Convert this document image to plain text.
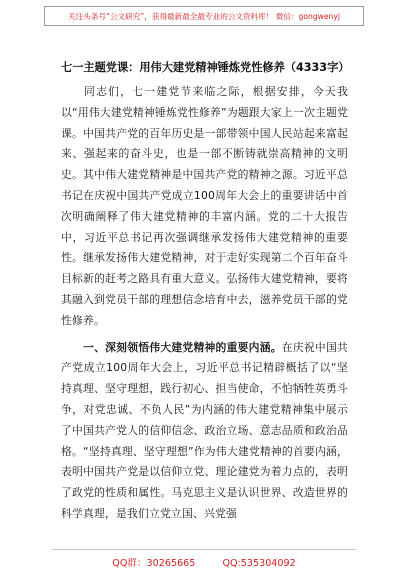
关注头条号“公文研究”，获得最新最全最专业的公文资料库！ 微信：gongwenyj
七一主题党课：用伟大建党精神锤炼党性修养（4333字）

同志们，七一建党节来临之际，根据安排，今天我以“用伟大建党精神锤炼党性修养”为题跟大家上一次主题党课。中国共产党的百年历史是一部带领中国人民站起来富起来、强起来的奋斗史，也是一部不断铸就崇高精神的文明史。其中伟大建党精神是中国共产党的精神之源。习近平总书记在庆祝中国共产党成立100周年大会上的重要讲话中首次明确阐释了伟大建党精神的丰富内涵。党的二十大报告中，习近平总书记再次强调继承发扬伟大建党精神的重要性。继承发扬伟大建党精神，对于走好实现第二个百年奋斗目标新的赶考之路具有重大意义。弘扬伟大建党精神，要将其融入到党员干部的理想信念培育中去，滋养党员干部的党性修养。

一、深刻领悟伟大建党精神的重要内涵。在庆祝中国共产党成立100周年大会上，习近平总书记精辟概括了以“坚持真理、坚守理想，践行初心、担当使命，不怕牺牲英勇斗争，对党忠诚、不负人民”为内涵的伟大建党精神集中展示了中国共产党人的信仰信念、政治立场、意志品质和政治品格。“坚持真理、坚守理想”作为伟大建党精神的首要内涵，表明中国共产党是以信仰立党、理论建党为着力点的，表明了政党的性质和属性。马克思主义是认识世界、改造世界的科学真理，是我们立党立国、兴党强

QQ群：30265665	QQ:535304092
